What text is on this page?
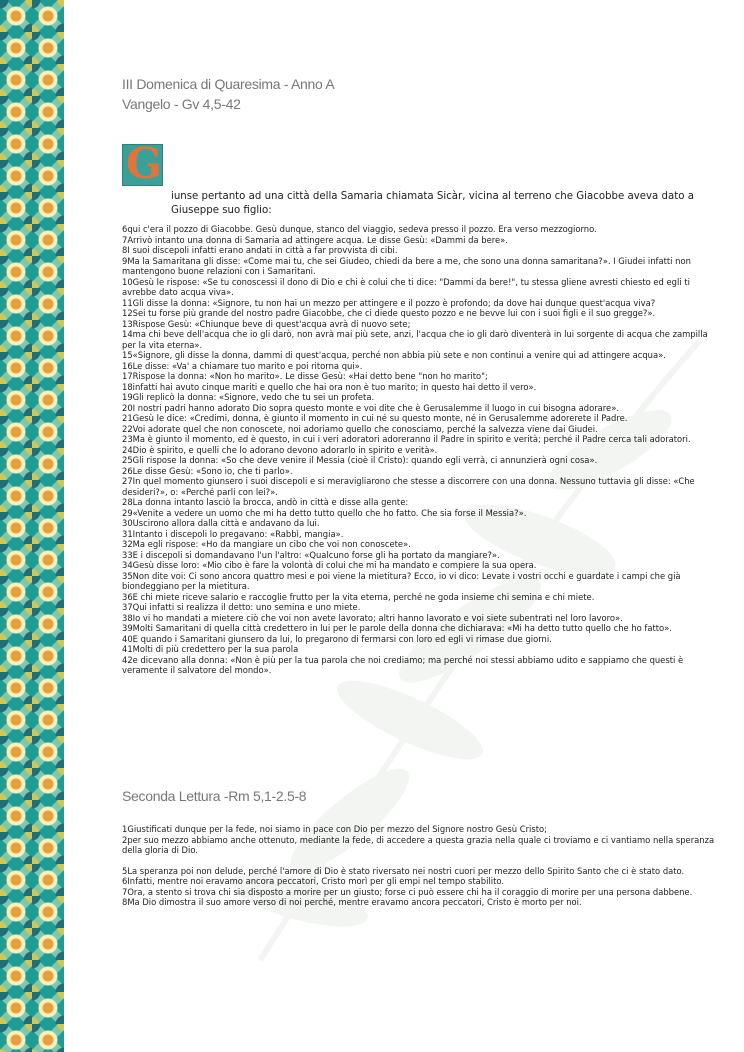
III Domenica di Quaresima - Anno A
Vangelo - Gv 4,5-42
G
iunse pertanto ad una città della Samaria chiamata Sicàr, vicina al terreno che Giacobbe aveva dato a Giuseppe suo figlio:

6qui c'era il pozzo di Giacobbe. Gesù dunque, stanco del viaggio, sedeva presso il pozzo. Era verso mezzogiorno.

7Arrivò intanto una donna di Samaria ad attingere acqua. Le disse Gesù: «Dammi da bere».

8I suoi discepoli infatti erano andati in città a far provvista di cibi.

9Ma la Samaritana gli disse: «Come mai tu, che sei Giudeo, chiedi da bere a me, che sono una donna samaritana?». I Giudei infatti non mantengono buone relazioni con i Samaritani.

10Gesù le rispose: «Se tu conoscessi il dono di Dio e chi è colui che ti dice: "Dammi da bere!", tu stessa gliene avresti chiesto ed egli ti avrebbe dato acqua viva».

11Gli disse la donna: «Signore, tu non hai un mezzo per attingere e il pozzo è profondo; da dove hai dunque quest'acqua viva?

12Sei tu forse più grande del nostro padre Giacobbe, che ci diede questo pozzo e ne bevve lui con i suoi figli e il suo gregge?».

13Rispose Gesù: «Chiunque beve di quest'acqua avrà di nuovo sete;

14ma chi beve dell'acqua che io gli darò, non avrà mai più sete, anzi, l'acqua che io gli darò diventerà in lui sorgente di acqua che zampilla per la vita eterna».

15«Signore, gli disse la donna, dammi di quest'acqua, perché non abbia più sete e non continui a venire qui ad attingere acqua».

16Le disse: «Va' a chiamare tuo marito e poi ritorna qui».

17Rispose la donna: «Non ho marito». Le disse Gesù: «Hai detto bene "non ho marito";

18infatti hai avuto cinque mariti e quello che hai ora non è tuo marito; in questo hai detto il vero».

19Gli replicò la donna: «Signore, vedo che tu sei un profeta.

20I nostri padri hanno adorato Dio sopra questo monte e voi dite che è Gerusalemme il luogo in cui bisogna adorare».

21Gesù le dice: «Credimi, donna, è giunto il momento in cui né su questo monte, né in Gerusalemme adorerete il Padre.

22Voi adorate quel che non conoscete, noi adoriamo quello che conosciamo, perché la salvezza viene dai Giudei.

23Ma è giunto il momento, ed è questo, in cui i veri adoratori adoreranno il Padre in spirito e verità; perché il Padre cerca tali adoratori.

24Dio è spirito, e quelli che lo adorano devono adorarlo in spirito e verità».

25Gli rispose la donna: «So che deve venire il Messia (cioè il Cristo): quando egli verrà, ci annunzierà ogni cosa».

26Le disse Gesù: «Sono io, che ti parlo».

27In quel momento giunsero i suoi discepoli e si meravigliarono che stesse a discorrere con una donna. Nessuno tuttavia gli disse: «Che desideri?», o: «Perché parli con lei?».

28La donna intanto lasciò la brocca, andò in città e disse alla gente:

29«Venite a vedere un uomo che mi ha detto tutto quello che ho fatto. Che sia forse il Messia?».

30Uscirono allora dalla città e andavano da lui.

31Intanto i discepoli lo pregavano: «Rabbì, mangia».

32Ma egli rispose: «Ho da mangiare un cibo che voi non conoscete».

33E i discepoli si domandavano l'un l'altro: «Qualcuno forse gli ha portato da mangiare?».

34Gesù disse loro: «Mio cibo è fare la volontà di colui che mi ha mandato e compiere la sua opera.

35Non dite voi: Ci sono ancora quattro mesi e poi viene la mietitura? Ecco, io vi dico: Levate i vostri occhi e guardate i campi che già biondeggiano per la mietitura.

36E chi miete riceve salario e raccoglie frutto per la vita eterna, perché ne goda insieme chi semina e chi miete.

37Qui infatti si realizza il detto: uno semina e uno miete.

38Io vi ho mandati a mietere ciò che voi non avete lavorato; altri hanno lavorato e voi siete subentrati nel loro lavoro».

39Molti Samaritani di quella città credettero in lui per le parole della donna che dichiarava: «Mi ha detto tutto quello che ho fatto».

40E quando i Samaritani giunsero da lui, lo pregarono di fermarsi con loro ed egli vi rimase due giorni.

41Molti di più credettero per la sua parola

42e dicevano alla donna: «Non è più per la tua parola che noi crediamo; ma perché noi stessi abbiamo udito e sappiamo che questi è veramente il salvatore del mondo».

Seconda Lettura -Rm 5,1-2.5-8

1Giustificati dunque per la fede, noi siamo in pace con Dio per mezzo del Signore nostro Gesù Cristo;

2per suo mezzo abbiamo anche ottenuto, mediante la fede, di accedere a questa grazia nella quale ci troviamo e ci vantiamo nella speranza della gloria di Dio.

5La speranza poi non delude, perché l'amore di Dio è stato riversato nei nostri cuori per mezzo dello Spirito Santo che ci è stato dato.

6Infatti, mentre noi eravamo ancora peccatori, Cristo morì per gli empi nel tempo stabilito.

7Ora, a stento si trova chi sia disposto a morire per un giusto; forse ci può essere chi ha il coraggio di morire per una persona dabbene.

8Ma Dio dimostra il suo amore verso di noi perché, mentre eravamo ancora peccatori, Cristo è morto per noi.
